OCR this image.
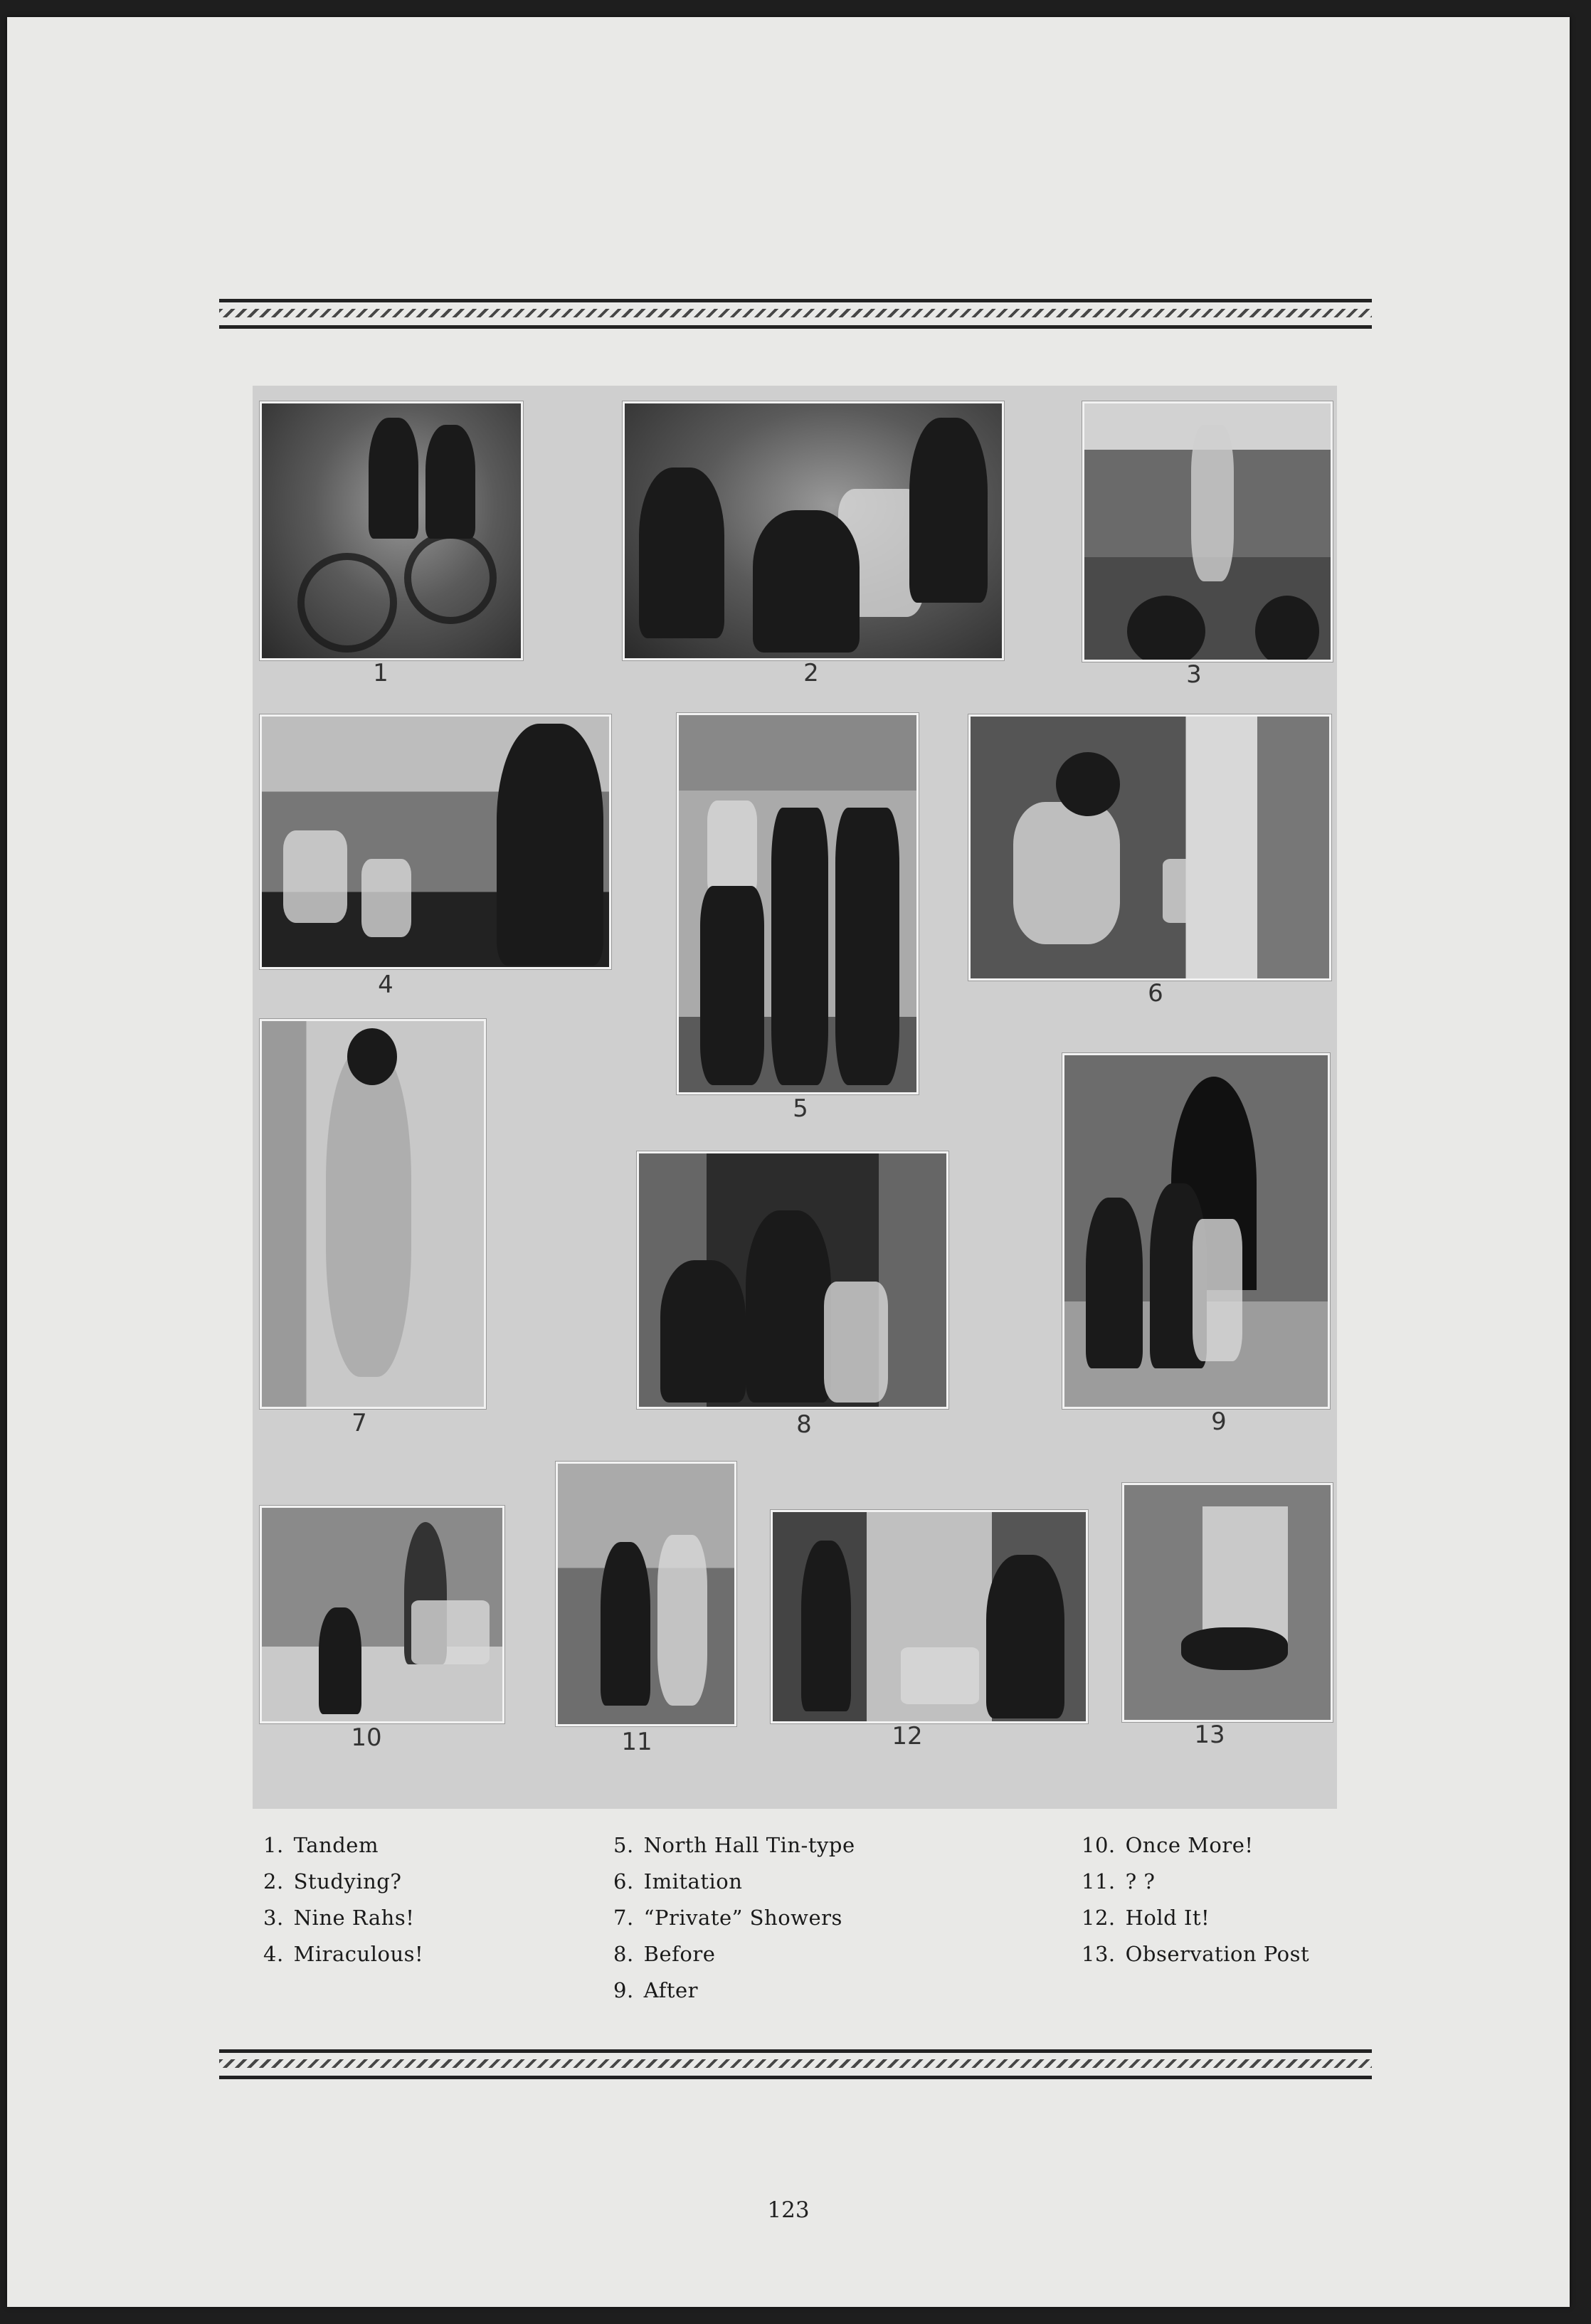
1	2	3
4
5
6
7	8	9
10	11	12	13
1. Tandem
2. Studying?
3. Nine Rahs!
4. Miraculous!
5. North Hall Tin-type
6. Imitation
7. “Private” Showers
8. Before
9. After
10. Once More!
11. ? ?
12. Hold It!
13. Observation Post
123
